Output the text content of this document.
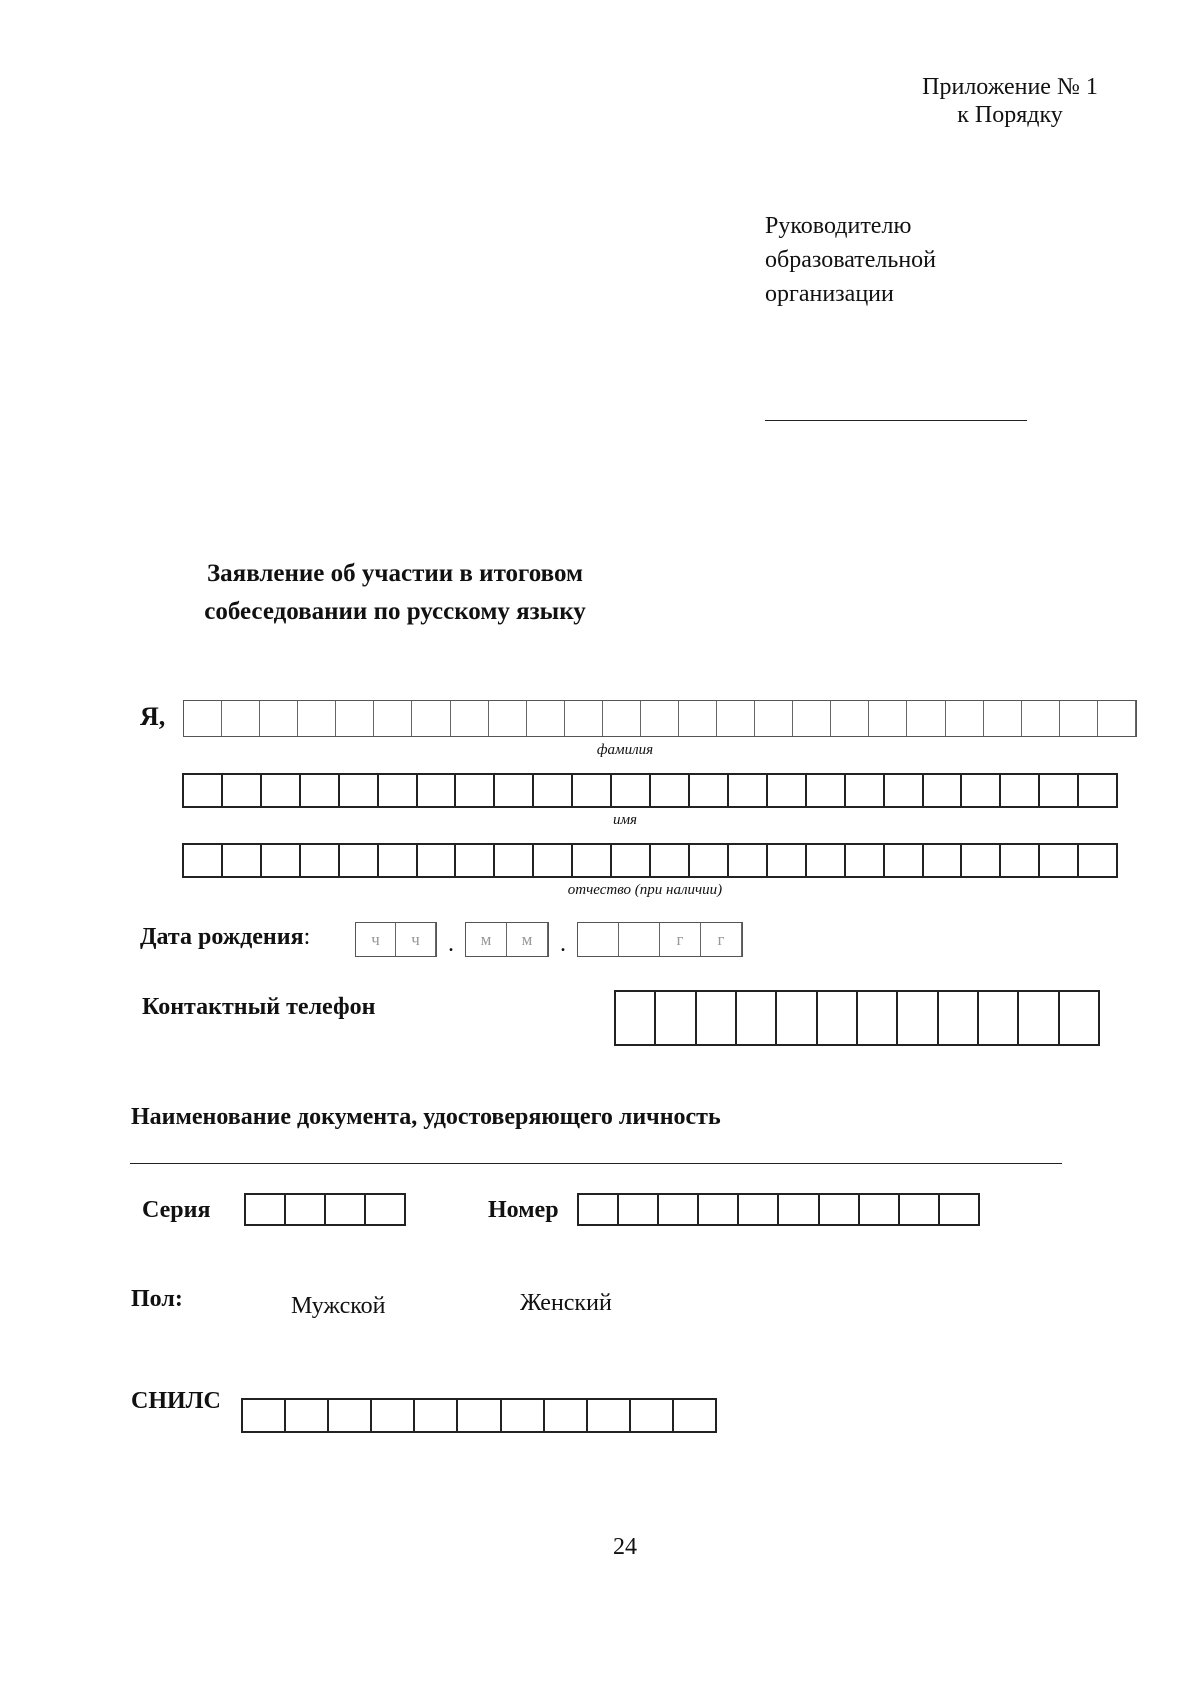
Приложение № 1
к Порядку
Руководителю
образовательной
организации
Заявление об участии в итоговом
собеседовании по русскому языку
Я,
фамилия
имя
отчество (при наличии)
Дата рождения:	ч	ч	.	м	м	.	г	г
Контактный телефон
Наименование документа, удостоверяющего личность
Серия	Номер
Пол:	Мужской	Женский
СНИЛС
24
